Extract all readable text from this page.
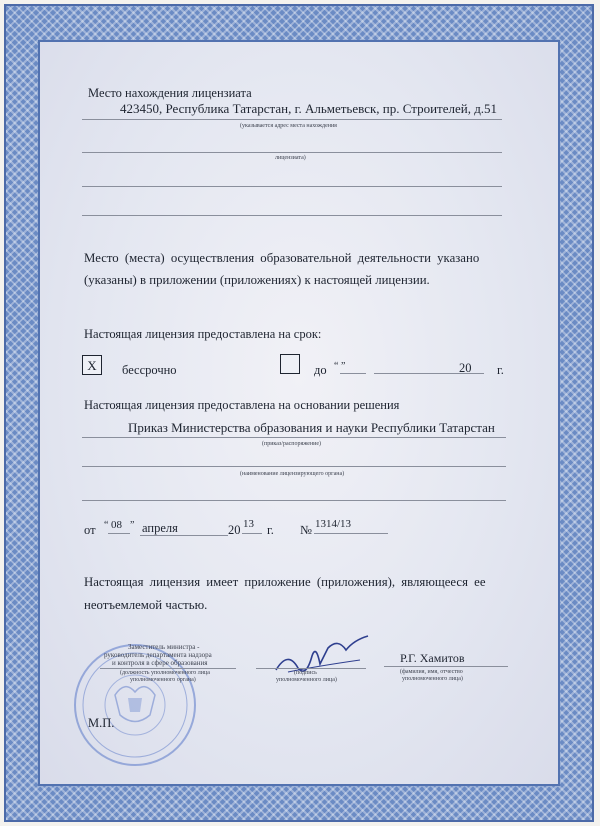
Место нахождения лицензиата
423450, Республика Татарстан, г. Альметьевск, пр. Строителей, д.51
(указывается адрес места нахождения
лицензиата)
Место (места) осуществления образовательной деятельности указано
(указаны) в приложении (приложениях) к настоящей лицензии.
Настоящая лицензия предоставлена на срок:
X	бессрочно	до “ ”	20 г.
Настоящая лицензия предоставлена на основании решения
Приказ Министерства образования и науки Республики Татарстан
(приказ/распоряжение)
(наименование лицензирующего органа)
от “ 08 ” апреля	20 13 г. № 1314/13
Настоящая лицензия имеет приложение (приложения), являющееся ее
неотъемлемой частью.
Заместитель министра -
руководитель департамента надзора
и контроля в сфере образования
(должность уполномоченного лица
уполномоченного органа)
(подпись
уполномоченного лица)
Р.Г. Хамитов
(фамилия, имя, отчество
уполномоченного лица)
М.П.
